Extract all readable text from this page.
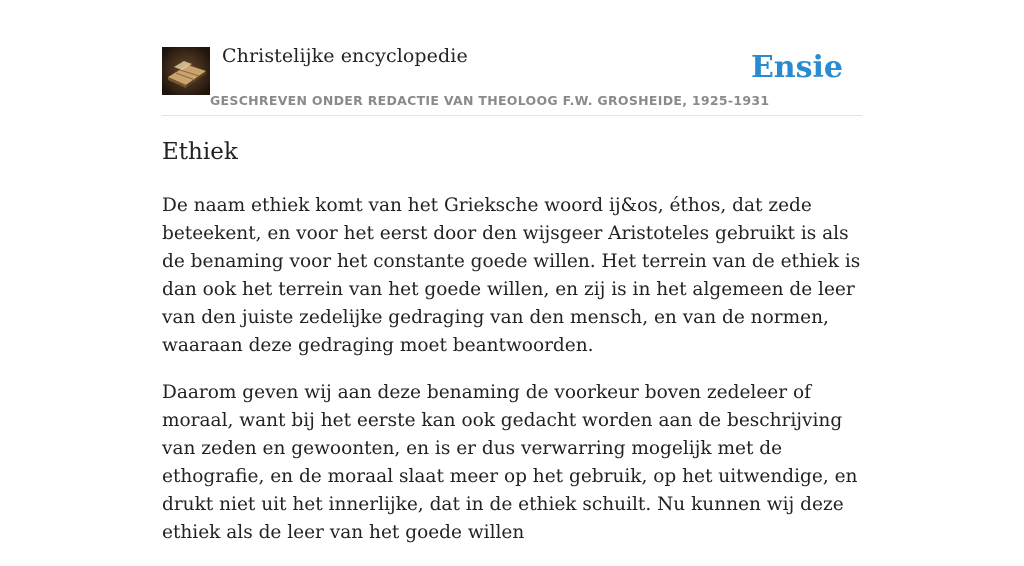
Christelijke encyclopedie
GESCHREVEN ONDER REDACTIE VAN THEOLOOG F.W. GROSHEIDE, 1925-1931
Ensie
Ethiek

De naam ethiek komt van het Grieksche woord ij&os, éthos, dat zede beteekent, en voor het eerst door den wijsgeer Aristoteles gebruikt is als de benaming voor het constante goede willen. Het terrein van de ethiek is dan ook het terrein van het goede willen, en zij is in het algemeen de leer van den juiste zedelijke gedraging van den mensch, en van de normen, waaraan deze gedraging moet beantwoorden.

Daarom geven wij aan deze benaming de voorkeur boven zedeleer of moraal, want bij het eerste kan ook gedacht worden aan de beschrijving van zeden en gewoonten, en is er dus verwarring mogelijk met de ethografie, en de moraal slaat meer op het gebruik, op het uitwendige, en drukt niet uit het innerlijke, dat in de ethiek schuilt. Nu kunnen wij deze ethiek als de leer van het goede willen
